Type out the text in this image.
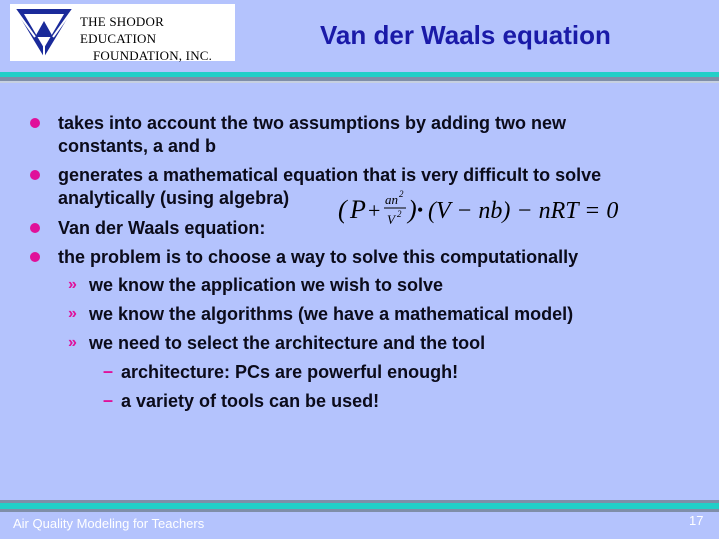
THE SHODOR EDUCATION
FOUNDATION, INC.
Van der Waals equation
takes into account the two assumptions by adding two new
constants, a and b
generates a mathematical equation that is very difficult to solve
analytically (using algebra)
Van der Waals equation:
the problem is to choose a way to solve this computationally
» we know the application we wish to solve
» we know the algorithms (we have a mathematical model)
» we need to select the architecture and the tool
– architecture: PCs are powerful enough!
– a variety of tools can be used!
( P + an 2
V 2 ) • (V − nb) − nRT = 0
Air Quality Modeling for Teachers	17
